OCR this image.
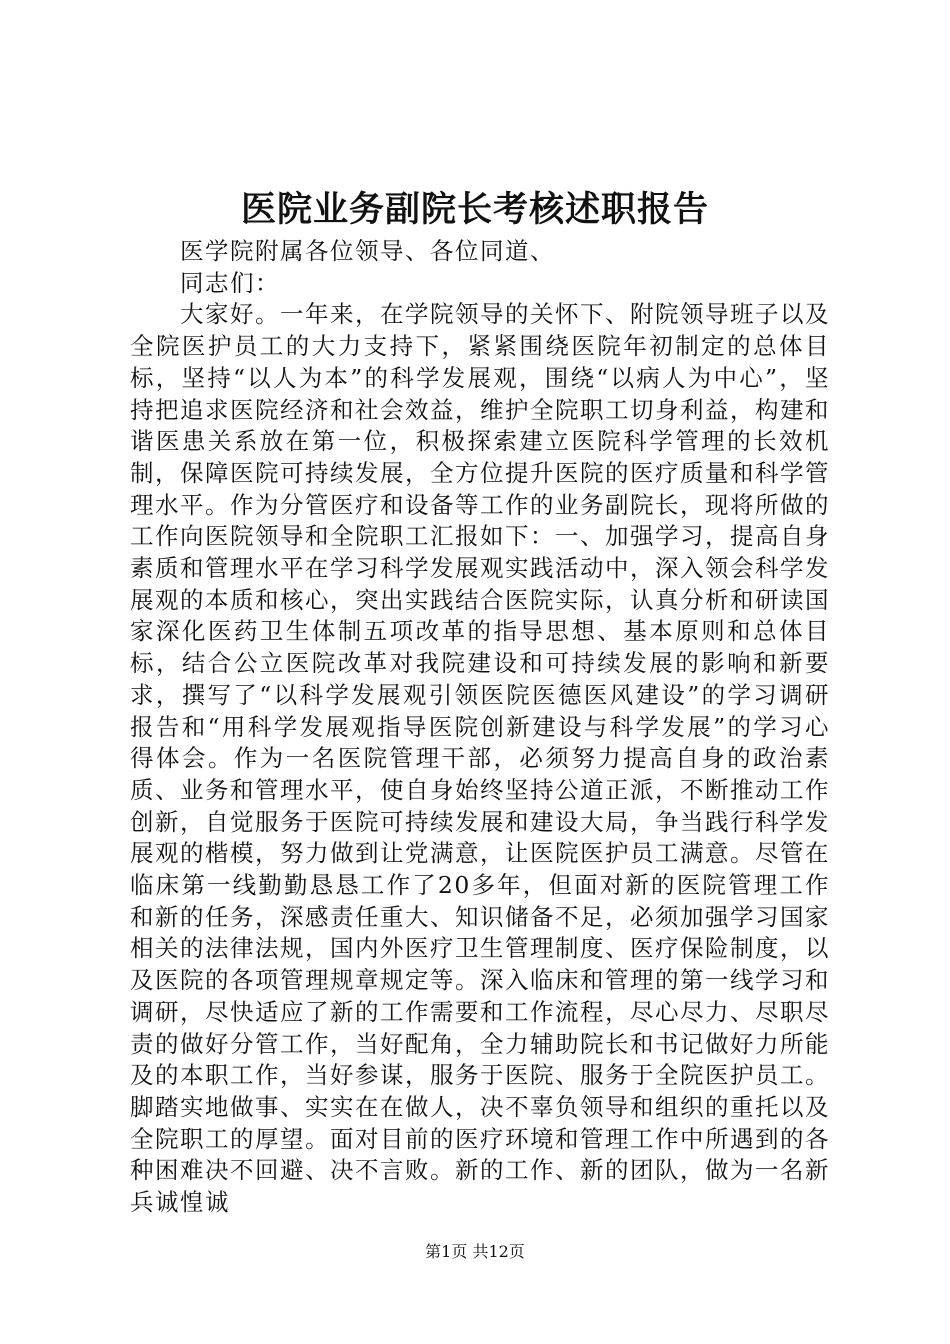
医院业务副院长考核述职报告

医学院附属各位领导、各位同道、

同志们：

大家好。一年来，在学院领导的关怀下、附院领导班子以及全院医护员工的大力支持下，紧紧围绕医院年初制定的总体目标，坚持“以人为本”的科学发展观，围绕“以病人为中心”，坚持把追求医院经济和社会效益，维护全院职工切身利益，构建和谐医患关系放在第一位，积极探索建立医院科学管理的长效机制，保障医院可持续发展，全方位提升医院的医疗质量和科学管理水平。作为分管医疗和设备等工作的业务副院长，现将所做的工作向医院领导和全院职工汇报如下：一、加强学习，提高自身素质和管理水平在学习科学发展观实践活动中，深入领会科学发展观的本质和核心，突出实践结合医院实际，认真分析和研读国家深化医药卫生体制五项改革的指导思想、基本原则和总体目标，结合公立医院改革对我院建设和可持续发展的影响和新要求，撰写了“以科学发展观引领医院医德医风建设”的学习调研报告和“用科学发展观指导医院创新建设与科学发展”的学习心得体会。作为一名医院管理干部，必须努力提高自身的政治素质、业务和管理水平，使自身始终坚持公道正派，不断推动工作创新，自觉服务于医院可持续发展和建设大局，争当践行科学发展观的楷模，努力做到让党满意，让医院医护员工满意。尽管在临床第一线勤勤恳恳工作了20多年，但面对新的医院管理工作和新的任务，深感责任重大、知识储备不足，必须加强学习国家相关的法律法规，国内外医疗卫生管理制度、医疗保险制度，以及医院的各项管理规章规定等。深入临床和管理的第一线学习和调研，尽快适应了新的工作需要和工作流程，尽心尽力、尽职尽责的做好分管工作，当好配角，全力辅助院长和书记做好力所能及的本职工作，当好参谋，服务于医院、服务于全院医护员工。脚踏实地做事、实实在在做人，决不辜负领导和组织的重托以及全院职工的厚望。面对目前的医疗环境和管理工作中所遇到的各种困难决不回避、决不言败。新的工作、新的团队，做为一名新兵诚惶诚

第1页 共12页
